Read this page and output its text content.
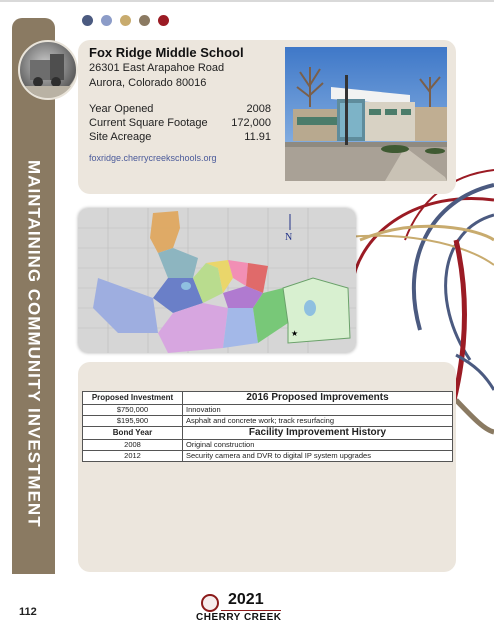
MAINTAINING COMMUNITY INVESTMENT
112
Fox Ridge Middle School
26301 East Arapahoe Road
Aurora, Colorado 80016
Year Opened	2008
Current Square Footage 172,000
Site Acreage	11.91
foxridge.cherrycreekschools.org
★
N
Proposed Investment	2016 Proposed Improvements
$750,000	Innovation
$195,900	Asphalt and concrete work; track resurfacing
Bond Year	Facility Improvement History
2008	Original construction
2012	Security camera and DVR to digital IP system upgrades
2021
CHERRY CREEK
